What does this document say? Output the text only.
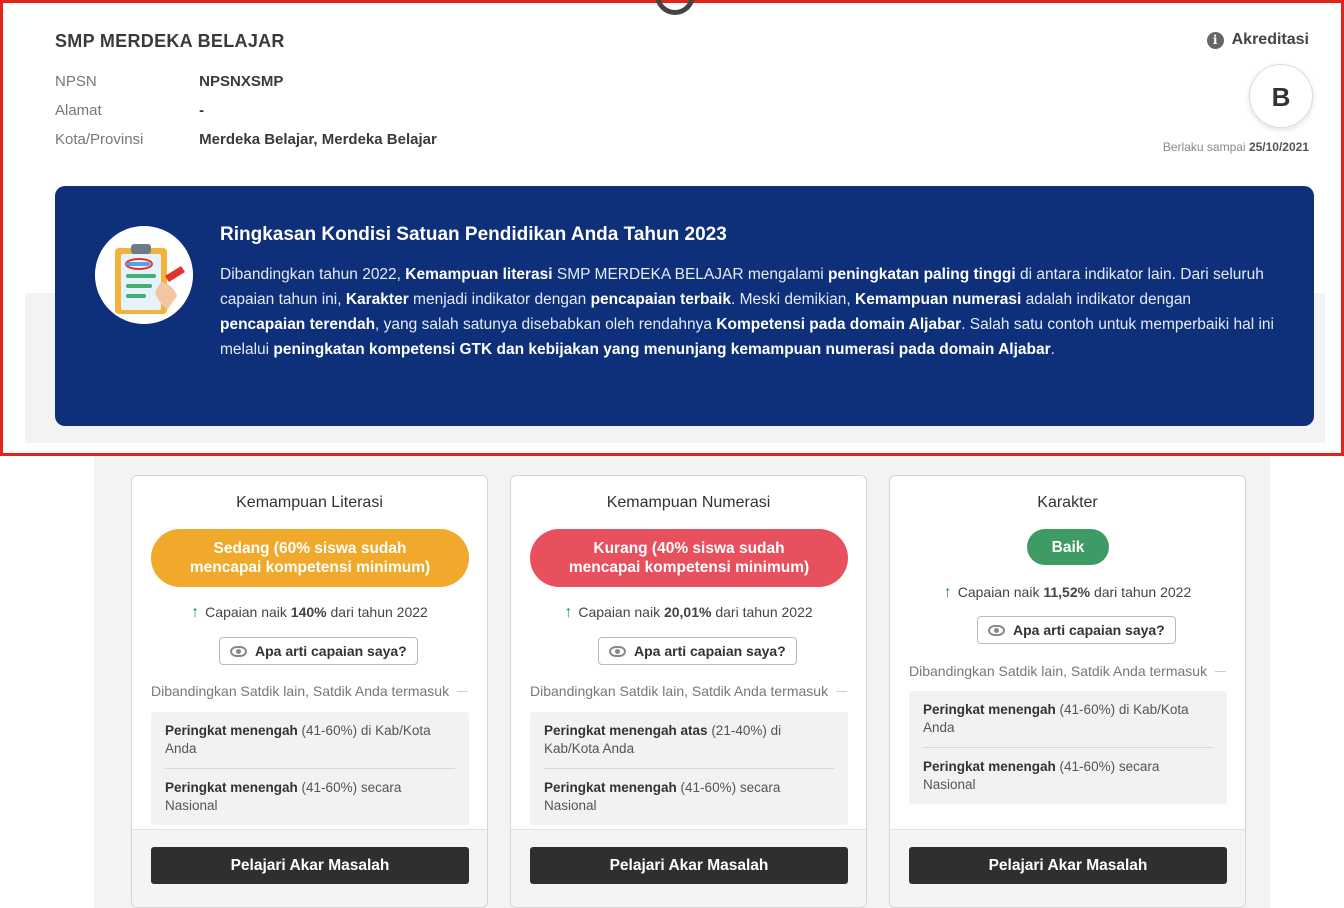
SMP MERDEKA BELAJAR
NPSN	NPSNXSMP
Alamat	-
Kota/Provinsi	Merdeka Belajar, Merdeka Belajar
i Akreditasi
B
Berlaku sampai 25/10/2021
Ringkasan Kondisi Satuan Pendidikan Anda Tahun 2023
Dibandingkan tahun 2022, Kemampuan literasi SMP MERDEKA BELAJAR mengalami peningkatan paling tinggi di antara indikator lain. Dari seluruh capaian tahun ini, Karakter menjadi indikator dengan pencapaian terbaik. Meski demikian, Kemampuan numerasi adalah indikator dengan pencapaian terendah, yang salah satunya disebabkan oleh rendahnya Kompetensi pada domain Aljabar. Salah satu contoh untuk memperbaiki hal ini melalui peningkatan kompetensi GTK dan kebijakan yang menunjang kemampuan numerasi pada domain Aljabar.
Kemampuan Literasi
Sedang (60% siswa sudah mencapai kompetensi minimum)
↑ Capaian naik 140% dari tahun 2022
Apa arti capaian saya?
Dibandingkan Satdik lain, Satdik Anda termasuk
Peringkat menengah (41-60%) di Kab/Kota Anda
Peringkat menengah (41-60%) secara Nasional
Pelajari Akar Masalah
Kemampuan Numerasi
Kurang (40% siswa sudah mencapai kompetensi minimum)
↑ Capaian naik 20,01% dari tahun 2022
Apa arti capaian saya?
Dibandingkan Satdik lain, Satdik Anda termasuk
Peringkat menengah atas (21-40%) di Kab/Kota Anda
Peringkat menengah (41-60%) secara Nasional
Pelajari Akar Masalah
Karakter
Baik
↑ Capaian naik 11,52% dari tahun 2022
Apa arti capaian saya?
Dibandingkan Satdik lain, Satdik Anda termasuk
Peringkat menengah (41-60%) di Kab/Kota Anda
Peringkat menengah (41-60%) secara Nasional
Pelajari Akar Masalah
